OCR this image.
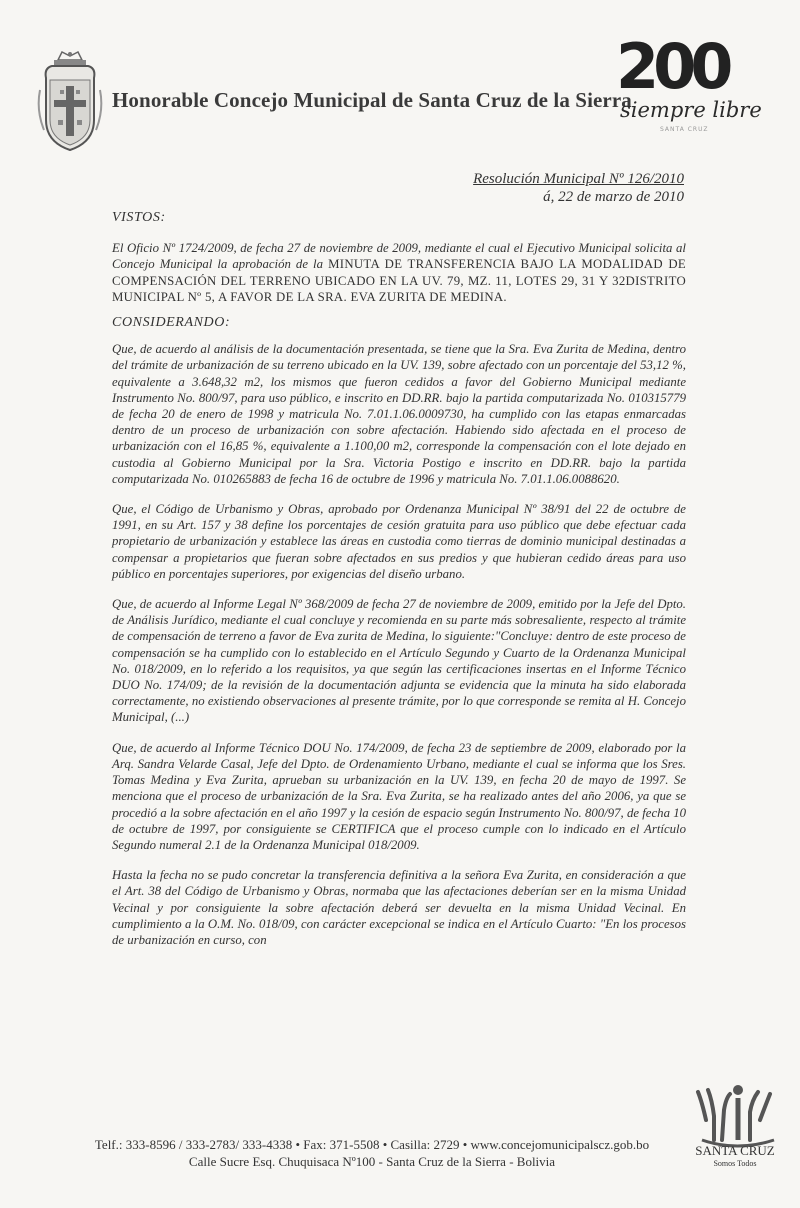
Honorable Concejo Municipal de Santa Cruz de la Sierra
200
siempre libre
SANTA CRUZ
Resolución Municipal Nº 126/2010
á, 22 de marzo de 2010
VISTOS:
El Oficio Nº 1724/2009, de fecha 27 de noviembre de 2009, mediante el cual el Ejecutivo Municipal solicita al Concejo Municipal la aprobación de la MINUTA DE TRANSFERENCIA BAJO LA MODALIDAD DE COMPENSACIÓN DEL TERRENO UBICADO EN LA UV. 79, MZ. 11, LOTES 29, 31 Y 32DISTRITO MUNICIPAL Nº 5, A FAVOR DE LA SRA. EVA ZURITA DE MEDINA.
CONSIDERANDO:
Que, de acuerdo al análisis de la documentación presentada, se tiene que la Sra. Eva Zurita de Medina, dentro del trámite de urbanización de su terreno ubicado en la UV. 139, sobre afectado con un porcentaje del 53,12 %, equivalente a 3.648,32 m2, los mismos que fueron cedidos a favor del Gobierno Municipal mediante Instrumento No. 800/97, para uso público, e inscrito en DD.RR. bajo la partida computarizada No. 010315779 de fecha 20 de enero de 1998 y matricula No. 7.01.1.06.0009730, ha cumplido con las etapas enmarcadas dentro de un proceso de urbanización con sobre afectación. Habiendo sido afectada en el proceso de urbanización con el 16,85 %, equivalente a 1.100,00 m2, corresponde la compensación con el lote dejado en custodia al Gobierno Municipal por la Sra. Victoria Postigo e inscrito en DD.RR. bajo la partida computarizada No. 010265883 de fecha 16 de octubre de 1996 y matricula No. 7.01.1.06.0088620.
Que, el Código de Urbanismo y Obras, aprobado por Ordenanza Municipal Nº 38/91 del 22 de octubre de 1991, en su Art. 157 y 38 define los porcentajes de cesión gratuita para uso público que debe efectuar cada propietario de urbanización y establece las áreas en custodia como tierras de dominio municipal destinadas a compensar a propietarios que fueran sobre afectados en sus predios y que hubieran cedido áreas para uso público en porcentajes superiores, por exigencias del diseño urbano.
Que, de acuerdo al Informe Legal Nº 368/2009 de fecha 27 de noviembre de 2009, emitido por la Jefe del Dpto. de Análisis Jurídico, mediante el cual concluye y recomienda en su parte más sobresaliente, respecto al trámite de compensación de terreno a favor de Eva zurita de Medina, lo siguiente:"Concluye: dentro de este proceso de compensación se ha cumplido con lo establecido en el Artículo Segundo y Cuarto de la Ordenanza Municipal No. 018/2009, en lo referido a los requisitos, ya que según las certificaciones insertas en el Informe Técnico DUO No. 174/09; de la revisión de la documentación adjunta se evidencia que la minuta ha sido elaborada correctamente, no existiendo observaciones al presente trámite, por lo que corresponde se remita al H. Concejo Municipal, (...)
Que, de acuerdo al Informe Técnico DOU No. 174/2009, de fecha 23 de septiembre de 2009, elaborado por la Arq. Sandra Velarde Casal, Jefe del Dpto. de Ordenamiento Urbano, mediante el cual se informa que los Sres. Tomas Medina y Eva Zurita, aprueban su urbanización en la UV. 139, en fecha 20 de mayo de 1997. Se menciona que el proceso de urbanización de la Sra. Eva Zurita, se ha realizado antes del año 2006, ya que se procedió a la sobre afectación en el año 1997 y la cesión de espacio según Instrumento No. 800/97, de fecha 10 de octubre de 1997, por consiguiente se CERTIFICA que el proceso cumple con lo indicado en el Artículo Segundo numeral 2.1 de la Ordenanza Municipal 018/2009.
Hasta la fecha no se pudo concretar la transferencia definitiva a la señora Eva Zurita, en consideración a que el Art. 38 del Código de Urbanismo y Obras, normaba que las afectaciones deberían ser en la misma Unidad Vecinal y por consiguiente la sobre afectación deberá ser devuelta en la misma Unidad Vecinal. En cumplimiento a la O.M. No. 018/09, con carácter excepcional se indica en el Artículo Cuarto: "En los procesos de urbanización en curso, con
Telf.: 333-8596 / 333-2783/ 333-4338 • Fax: 371-5508 • Casilla: 2729 • www.concejomunicipalscz.gob.bo
Calle Sucre Esq. Chuquisaca Nº100 - Santa Cruz de la Sierra - Bolivia
SANTA CRUZ
Somos Todos
